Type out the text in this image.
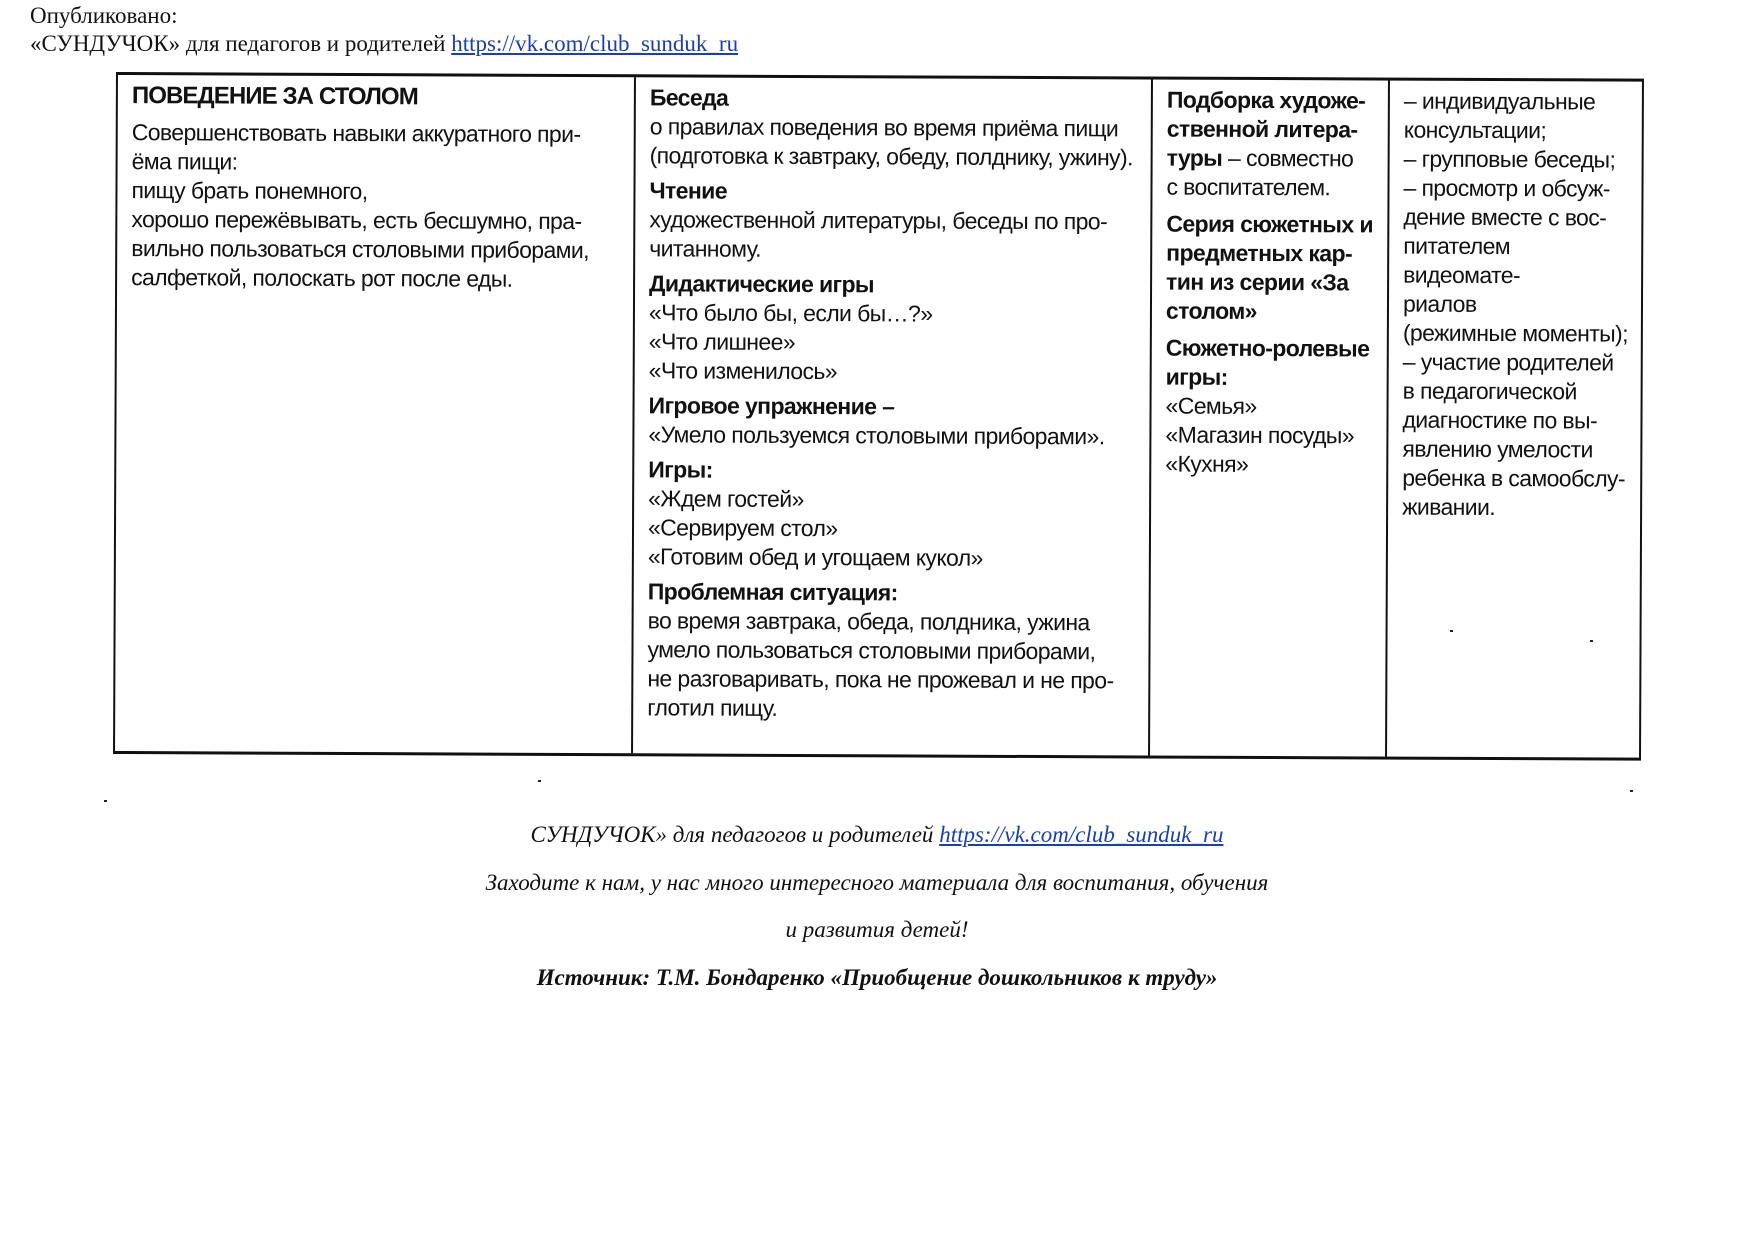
Опубликовано:
«СУНДУЧОК» для педагогов и родителей https://vk.com/club_sunduk_ru
ПОВЕДЕНИЕ ЗА СТОЛОМ
Совершенствовать навыки аккуратного при-
ёма пищи:
пищу брать понемного,
хорошо пережёвывать, есть бесшумно, пра-
вильно пользоваться столовыми приборами,
салфеткой, полоскать рот после еды.
Беседа
о правилах поведения во время приёма пищи
(подготовка к завтраку, обеду, полднику, ужину).
Чтение
художественной литературы, беседы по про-
читанному.
Дидактические игры
«Что было бы, если бы…?»
«Что лишнее»
«Что изменилось»
Игровое упражнение –
«Умело пользуемся столовыми приборами».
Игры:
«Ждем гостей»
«Сервируем стол»
«Готовим обед и угощаем кукол»
Проблемная ситуация:
во время завтрака, обеда, полдника, ужина
умело пользоваться столовыми приборами,
не разговаривать, пока не прожевал и не про-
глотил пищу.
Подборка художе-
ственной литера-
туры – совместно
с воспитателем.
Серия сюжетных и
предметных кар-
тин из серии «За
столом»
Сюжетно-ролевые
игры:
«Семья»
«Магазин посуды»
«Кухня»
– индивидуальные
консультации;
– групповые беседы;
– просмотр и обсуж-
дение вместе с вос-
питателем видеомате-
риалов
(режимные моменты);
– участие родителей
в педагогической
диагностике по вы-
явлению умелости
ребенка в самообслу-
живании.
СУНДУЧОК» для педагогов и родителей https://vk.com/club_sunduk_ru
Заходите к нам, у нас много интересного материала для воспитания, обучения
и развития детей!
Источник: Т.М. Бондаренко «Приобщение дошкольников к труду»
